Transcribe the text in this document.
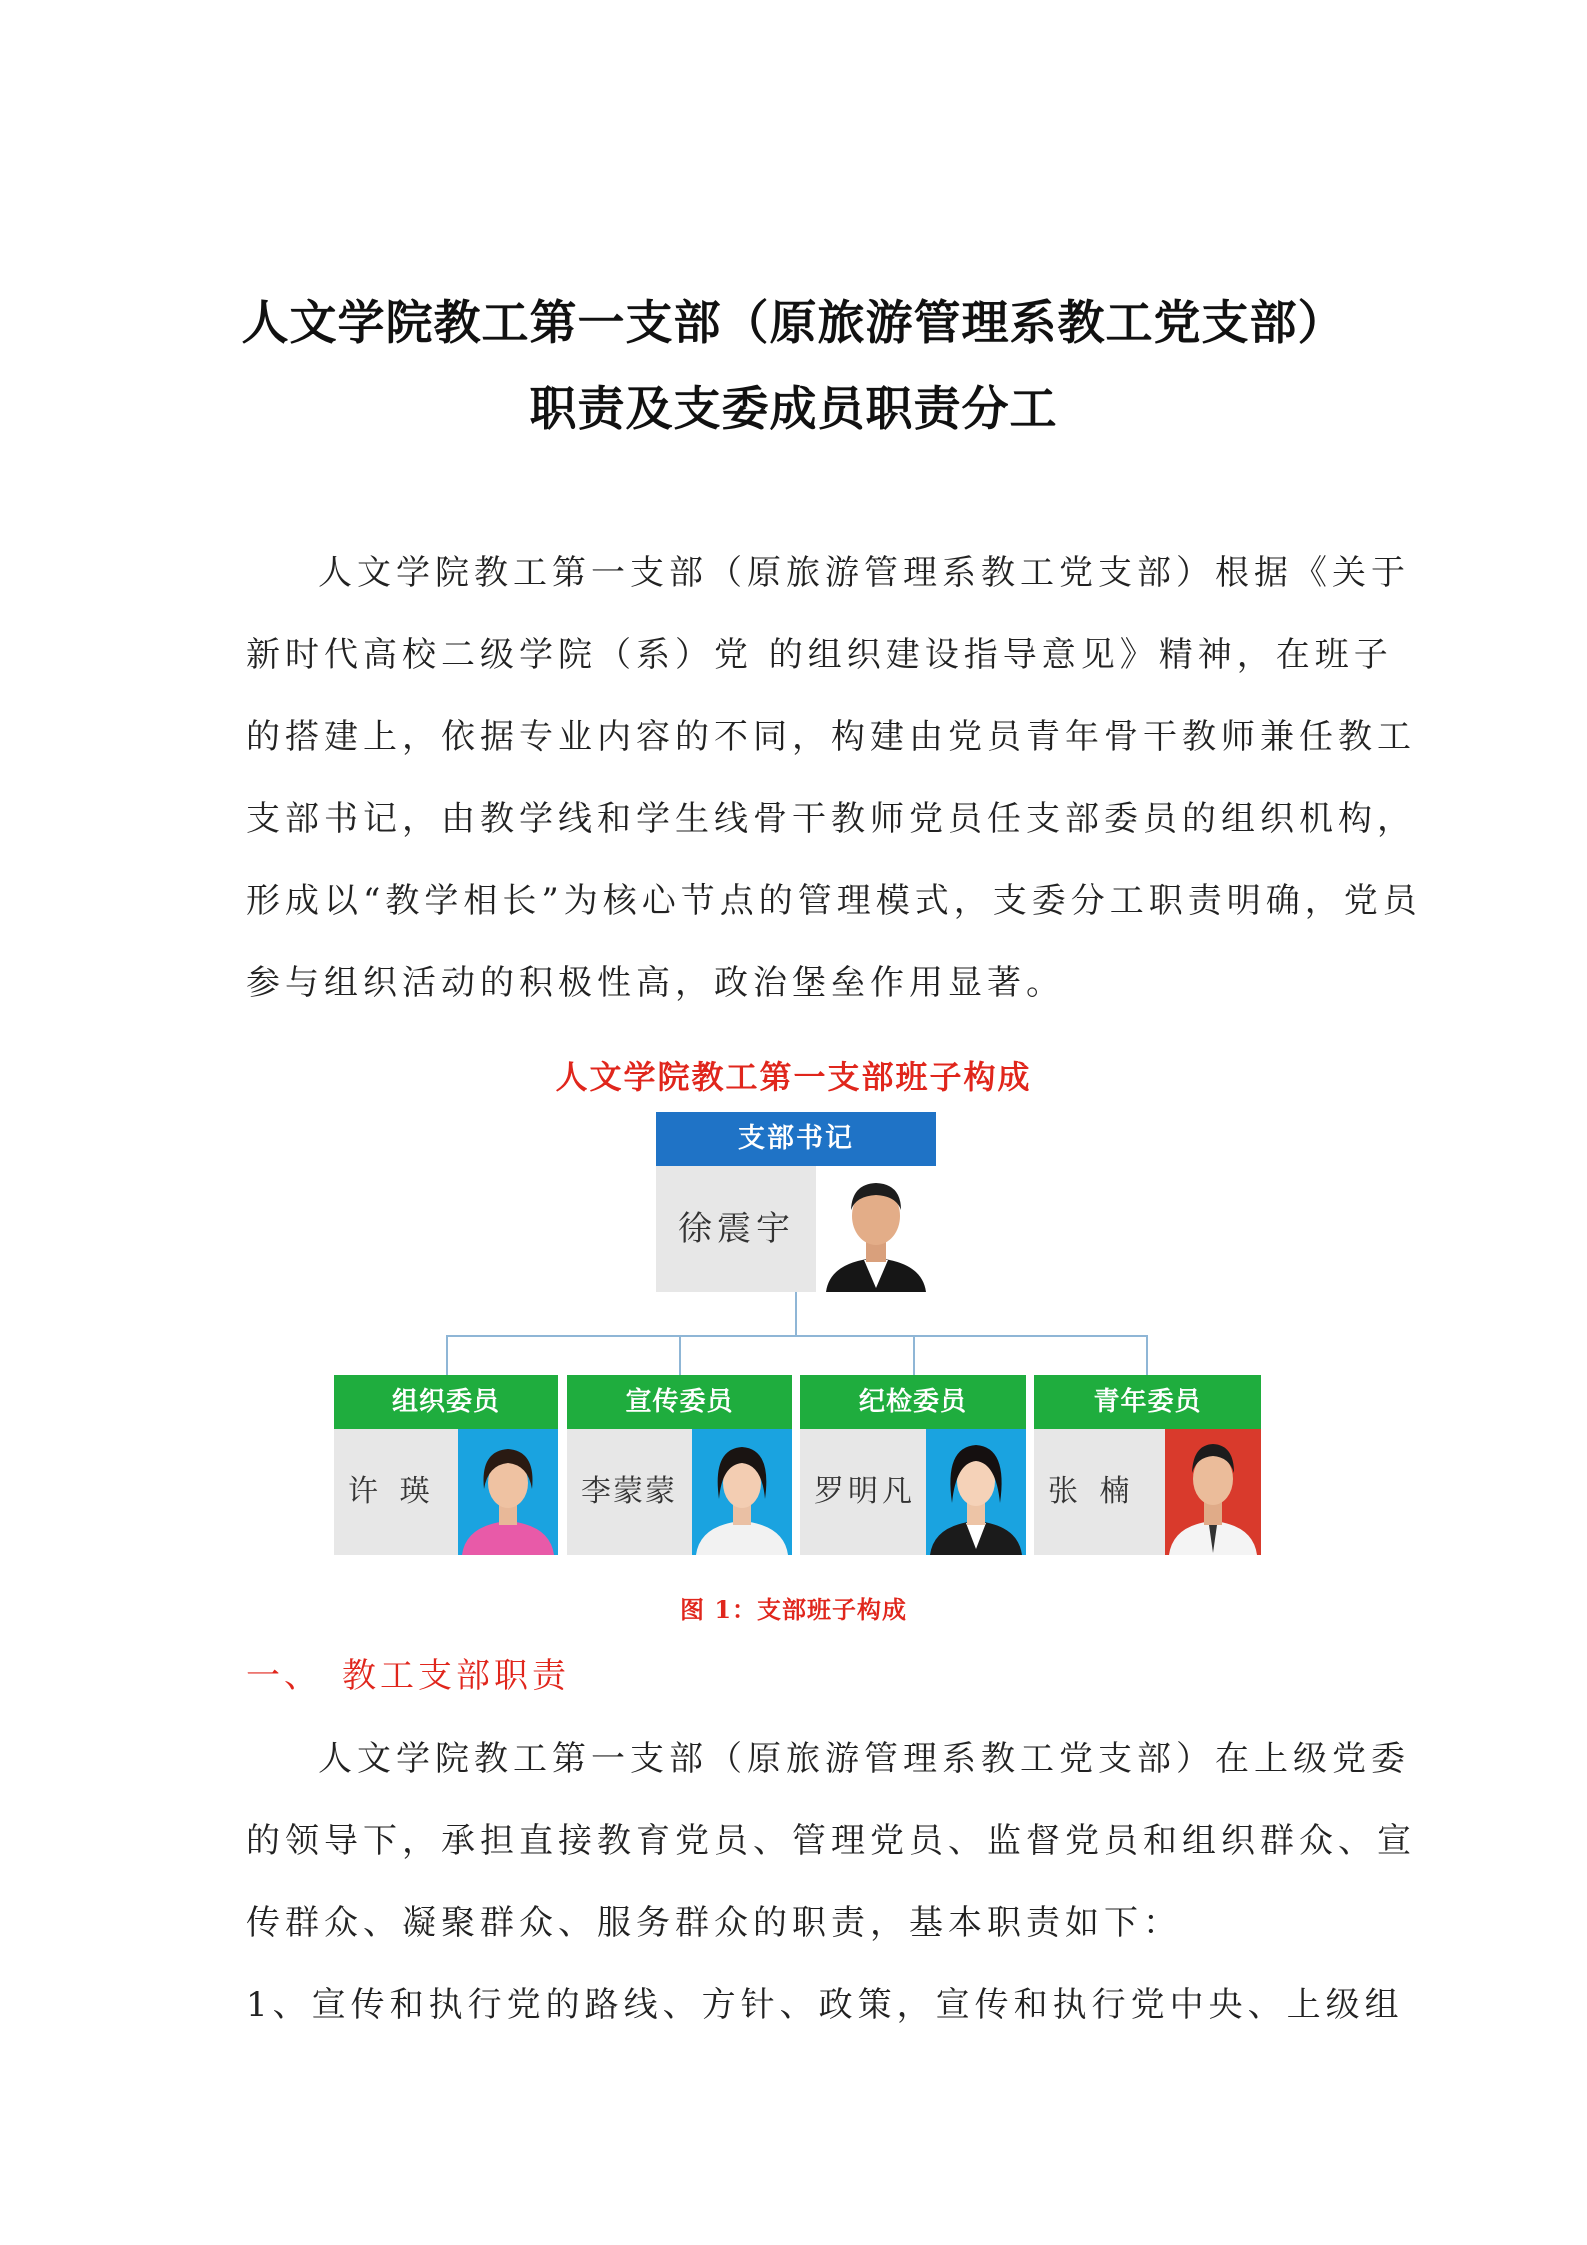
人文学院教工第一支部（原旅游管理系教工党支部）
职责及支委成员职责分工
人文学院教工第一支部（原旅游管理系教工党支部）根据《关于
新时代高校二级学院（系）党 的组织建设指导意见》精神，在班子
的搭建上，依据专业内容的不同，构建由党员青年骨干教师兼任教工
支部书记，由教学线和学生线骨干教师党员任支部委员的组织机构，
形成以“教学相长”为核心节点的管理模式，支委分工职责明确，党员
参与组织活动的积极性高，政治堡垒作用显著。
人文学院教工第一支部班子构成
支部书记
徐震宇
组织委员
许 瑛
宣传委员
李蒙蒙
纪检委员
罗明凡
青年委员
张 楠
图 1：支部班子构成
一、 教工支部职责
人文学院教工第一支部（原旅游管理系教工党支部）在上级党委
的领导下，承担直接教育党员、管理党员、监督党员和组织群众、宣
传群众、凝聚群众、服务群众的职责，基本职责如下：
1、宣传和执行党的路线、方针、政策，宣传和执行党中央、上级组
